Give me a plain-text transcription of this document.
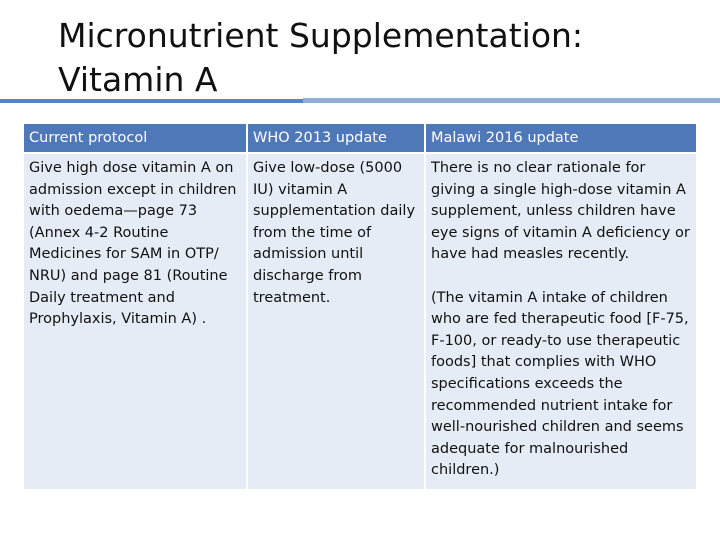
Micronutrient Supplementation:
Vitamin A
Current protocol	WHO 2013 update	Malawi 2016 update
Give high dose vitamin A on admission except in children with oedema—page 73 (Annex 4-2 Routine Medicines for SAM in OTP/ NRU) and page 81 (Routine Daily treatment and Prophylaxis, Vitamin A) .
Give low-dose (5000 IU) vitamin A supplementation daily from the time of admission until discharge from treatment.
There is no clear rationale for giving a single high-dose vitamin A supplement, unless children have eye signs of vitamin A deficiency or have had measles recently.
(The vitamin A intake of children who are fed therapeutic food [F-75, F-100, or ready-to use therapeutic foods] that complies with WHO specifications exceeds the recommended nutrient intake for well-nourished children and seems adequate for malnourished children.)
